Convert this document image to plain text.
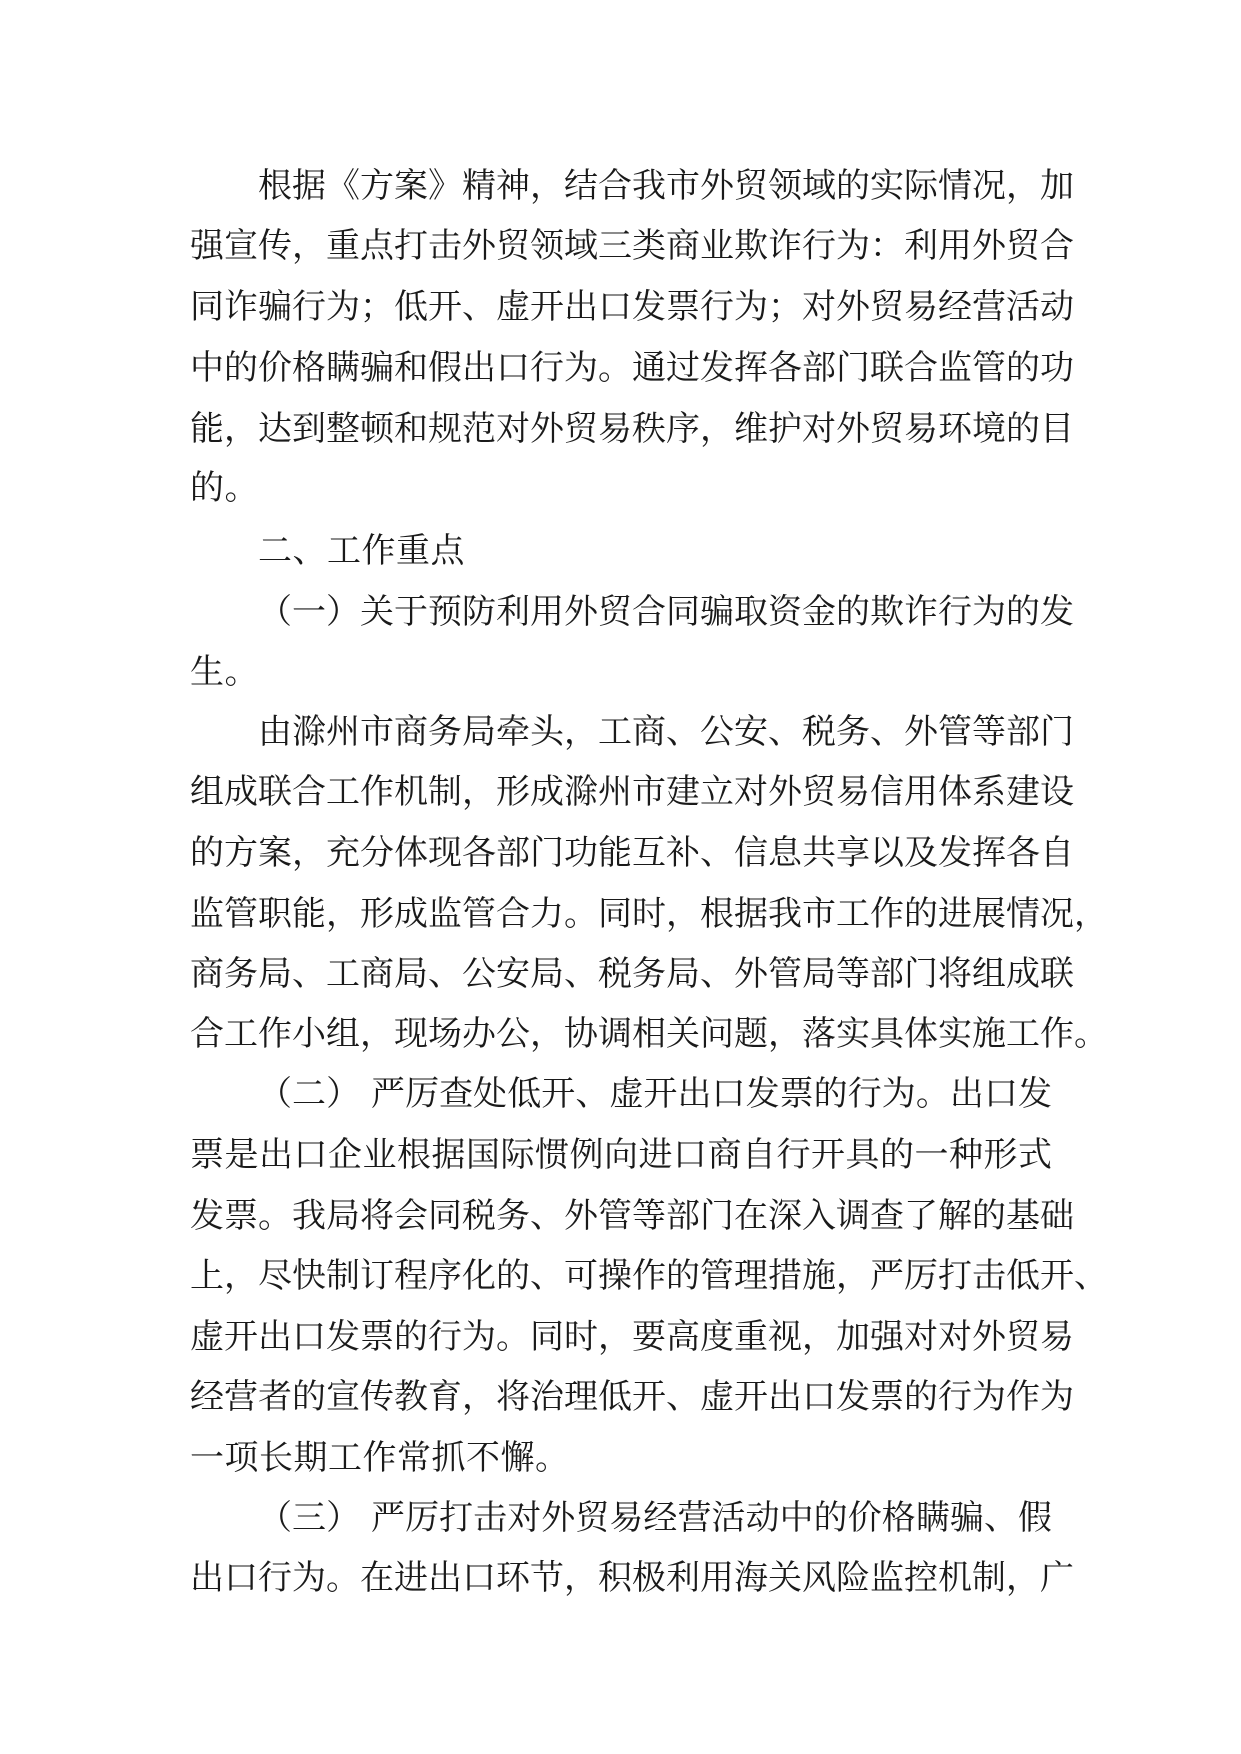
根据《方案》精神，结合我市外贸领域的实际情况，加

强宣传，重点打击外贸领域三类商业欺诈行为：利用外贸合

同诈骗行为；低开、虚开出口发票行为；对外贸易经营活动

中的价格瞒骗和假出口行为。通过发挥各部门联合监管的功

能，达到整顿和规范对外贸易秩序，维护对外贸易环境的目

的。

二、工作重点

（一）关于预防利用外贸合同骗取资金的欺诈行为的发

生。

由滁州市商务局牵头，工商、公安、税务、外管等部门

组成联合工作机制，形成滁州市建立对外贸易信用体系建设

的方案，充分体现各部门功能互补、信息共享以及发挥各自

监管职能，形成监管合力。同时，根据我市工作的进展情况，

商务局、工商局、公安局、税务局、外管局等部门将组成联

合工作小组，现场办公，协调相关问题，落实具体实施工作。

（二） 严厉查处低开、虚开出口发票的行为。出口发

票是出口企业根据国际惯例向进口商自行开具的一种形式

发票。我局将会同税务、外管等部门在深入调查了解的基础

上，尽快制订程序化的、可操作的管理措施，严厉打击低开、

虚开出口发票的行为。同时，要高度重视，加强对对外贸易

经营者的宣传教育，将治理低开、虚开出口发票的行为作为

一项长期工作常抓不懈。

（三） 严厉打击对外贸易经营活动中的价格瞒骗、假

出口行为。在进出口环节，积极利用海关风险监控机制，广
